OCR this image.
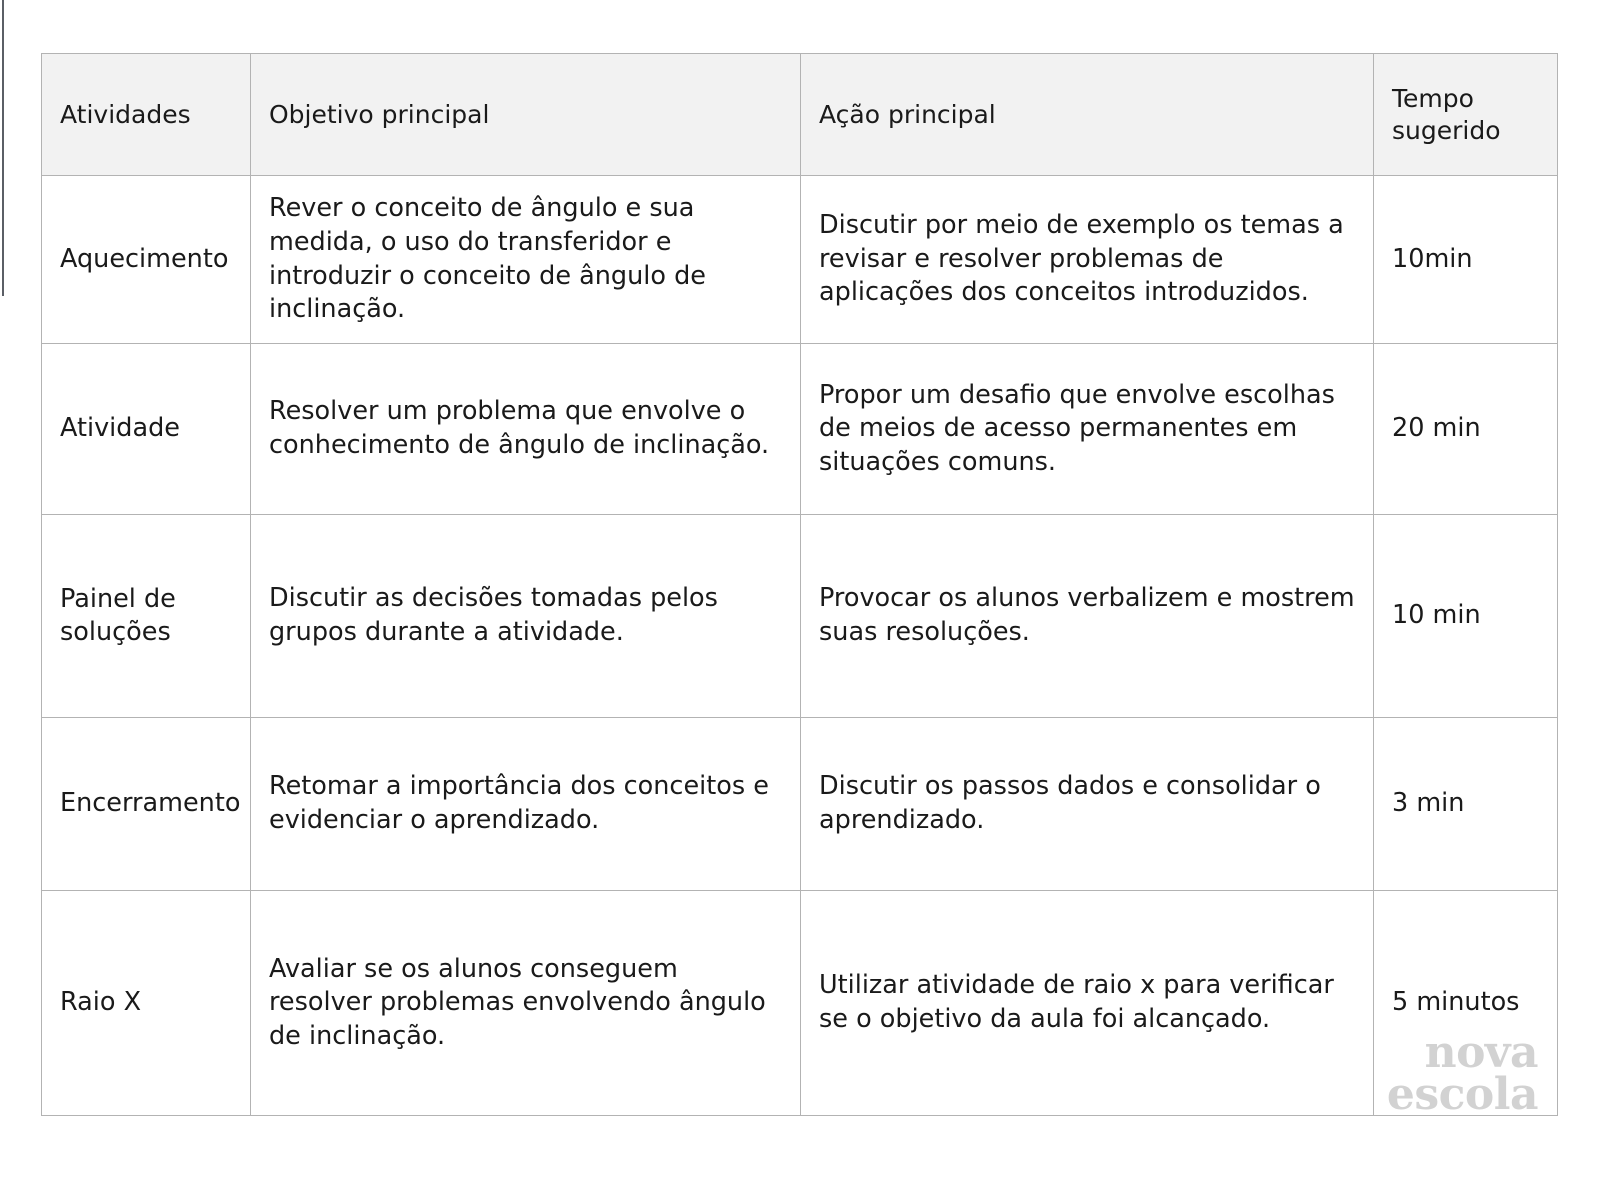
Atividades	Objetivo principal	Ação principal	Tempo sugerido
Aquecimento	Rever o conceito de ângulo e sua medida, o uso do transferidor e introduzir o conceito de ângulo de inclinação.	Discutir por meio de exemplo os temas a revisar e resolver problemas de aplicações dos conceitos introduzidos.	10min
Atividade	Resolver um problema que envolve o conhecimento de ângulo de inclinação.	Propor um desafio que envolve escolhas de meios de acesso permanentes em situações comuns.	20 min
Painel de soluções	Discutir as decisões tomadas pelos grupos durante a atividade.	Provocar os alunos verbalizem e mostrem suas resoluções.	10 min
Encerramento	Retomar a importância dos conceitos e evidenciar o aprendizado.	Discutir os passos dados e consolidar o aprendizado.	3 min
Raio X	Avaliar se os alunos conseguem resolver problemas envolvendo ângulo de inclinação.	Utilizar atividade de raio x para verificar se o objetivo da aula foi alcançado.	5 minutos
nova
escola
